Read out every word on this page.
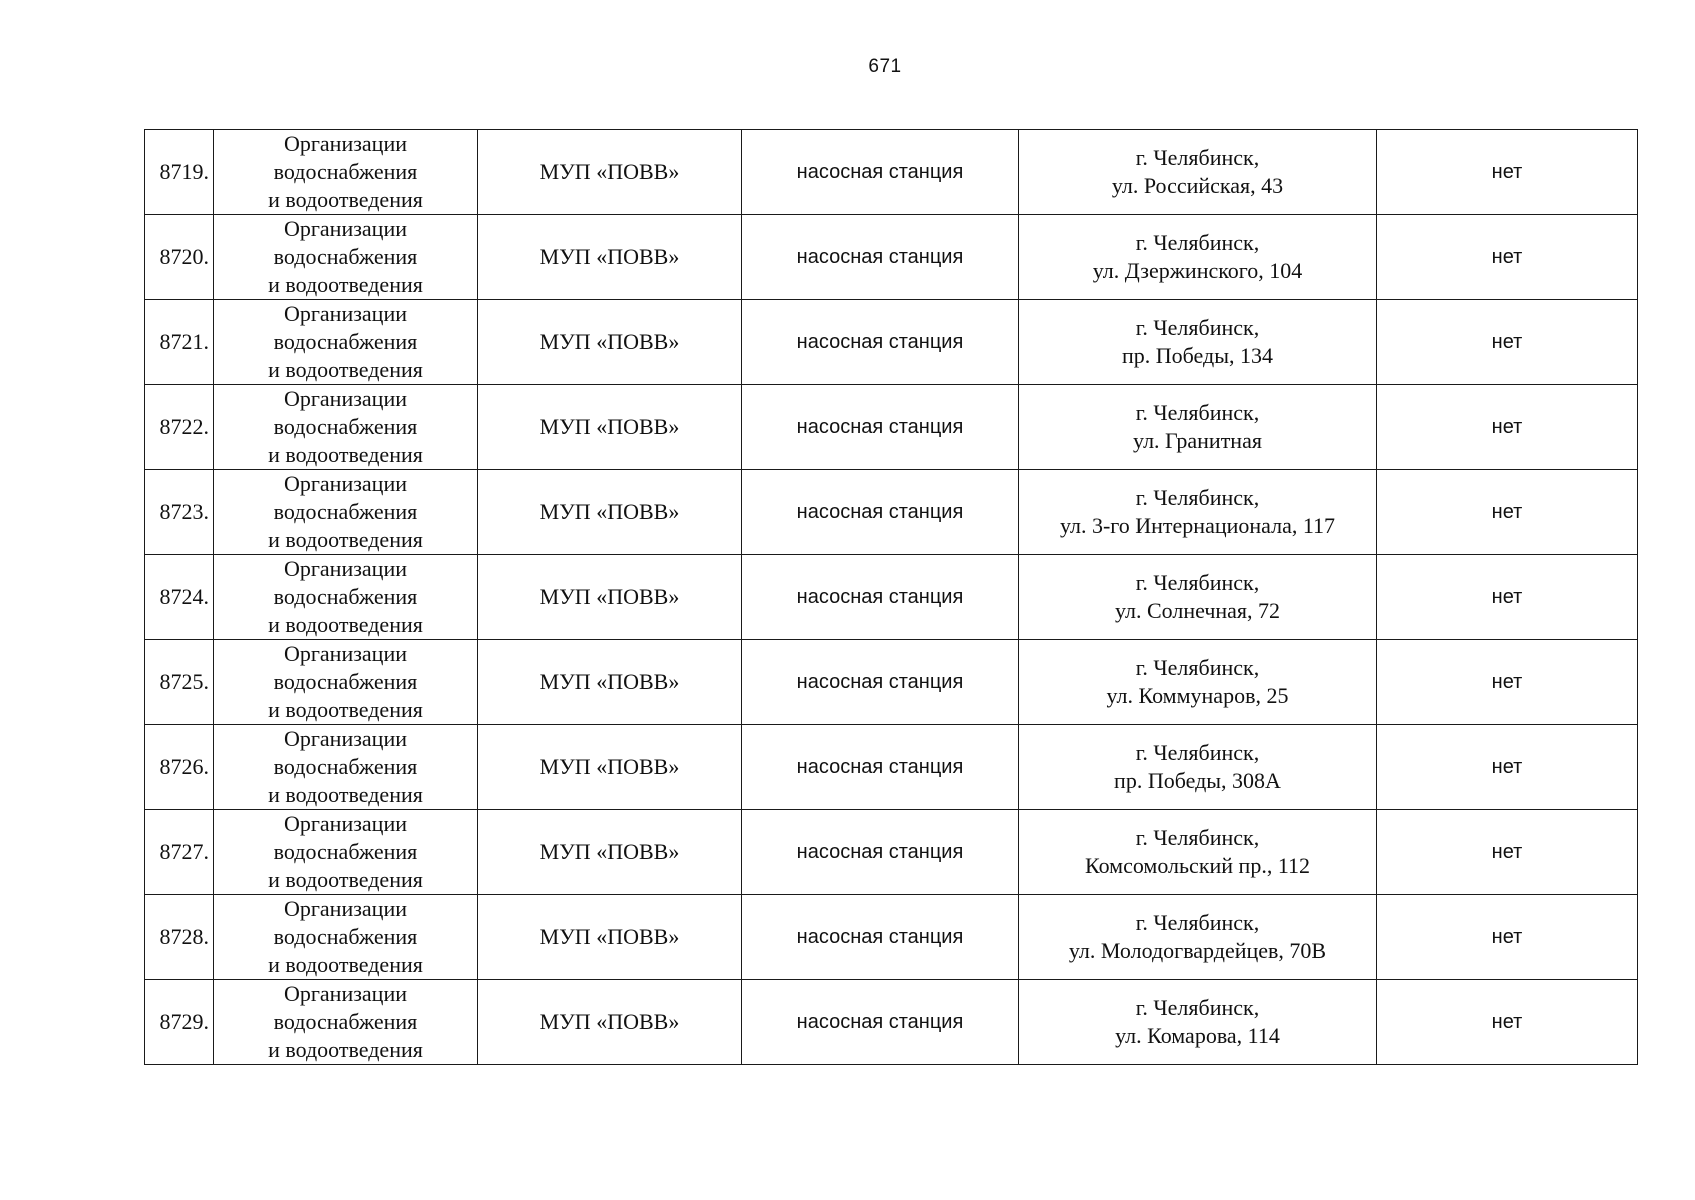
671
8719.	Организации
водоснабжения
и водоотведения	МУП «ПОВВ»	насосная станция	г. Челябинск,
ул. Российская, 43	нет
8720.	Организации
водоснабжения
и водоотведения	МУП «ПОВВ»	насосная станция	г. Челябинск,
ул. Дзержинского, 104	нет
8721.	Организации
водоснабжения
и водоотведения	МУП «ПОВВ»	насосная станция	г. Челябинск,
пр. Победы, 134	нет
8722.	Организации
водоснабжения
и водоотведения	МУП «ПОВВ»	насосная станция	г. Челябинск,
ул. Гранитная	нет
8723.	Организации
водоснабжения
и водоотведения	МУП «ПОВВ»	насосная станция	г. Челябинск,
ул. 3-го Интернационала, 117	нет
8724.	Организации
водоснабжения
и водоотведения	МУП «ПОВВ»	насосная станция	г. Челябинск,
ул. Солнечная, 72	нет
8725.	Организации
водоснабжения
и водоотведения	МУП «ПОВВ»	насосная станция	г. Челябинск,
ул. Коммунаров, 25	нет
8726.	Организации
водоснабжения
и водоотведения	МУП «ПОВВ»	насосная станция	г. Челябинск,
пр. Победы, 308А	нет
8727.	Организации
водоснабжения
и водоотведения	МУП «ПОВВ»	насосная станция	г. Челябинск,
Комсомольский пр., 112	нет
8728.	Организации
водоснабжения
и водоотведения	МУП «ПОВВ»	насосная станция	г. Челябинск,
ул. Молодогвардейцев, 70В	нет
8729.	Организации
водоснабжения
и водоотведения	МУП «ПОВВ»	насосная станция	г. Челябинск,
ул. Комарова, 114	нет
